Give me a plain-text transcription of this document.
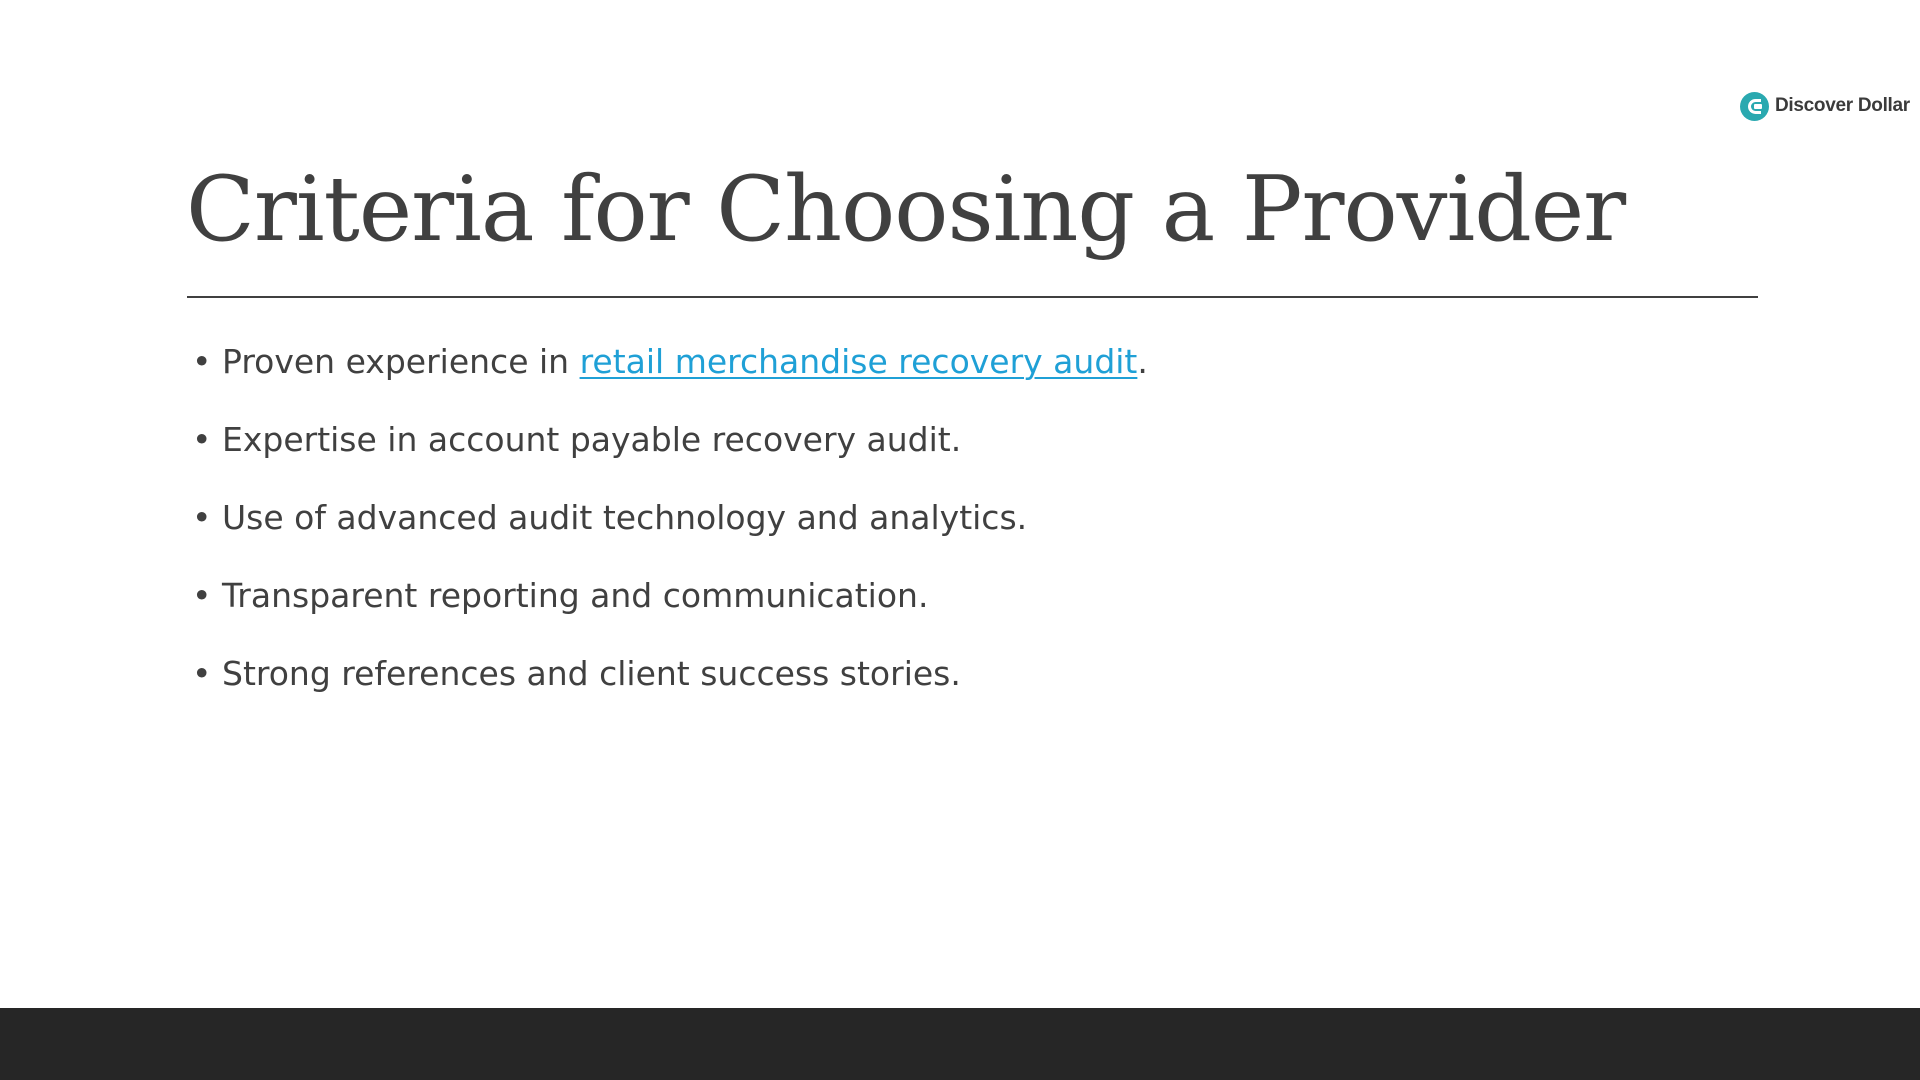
Discover Dollar
Criteria for Choosing a Provider
• Proven experience in retail merchandise recovery audit.
• Expertise in account payable recovery audit.
• Use of advanced audit technology and analytics.
• Transparent reporting and communication.
• Strong references and client success stories.
